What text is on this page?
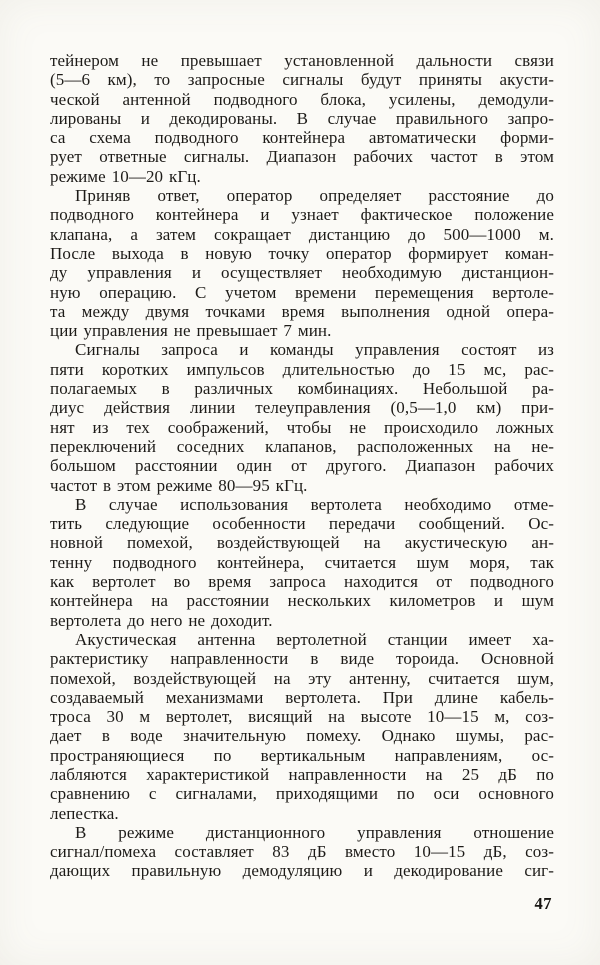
тейнером не превышает установленной дальности связи
(5—6 км), то запросные сигналы будут приняты акусти-
ческой антенной подводного блока, усилены, демодули-
лированы и декодированы. В случае правильного запро-
са схема подводного контейнера автоматически форми-
рует ответные сигналы. Диапазон рабочих частот в этом
режиме 10—20 кГц.
Приняв ответ, оператор определяет расстояние до
подводного контейнера и узнает фактическое положение
клапана, а затем сокращает дистанцию до 500—1000 м.
После выхода в новую точку оператор формирует коман-
ду управления и осуществляет необходимую дистанцион-
ную операцию. С учетом времени перемещения вертоле-
та между двумя точками время выполнения одной опера-
ции управления не превышает 7 мин.
Сигналы запроса и команды управления состоят из
пяти коротких импульсов длительностью до 15 мс, рас-
полагаемых в различных комбинациях. Небольшой ра-
диус действия линии телеуправления (0,5—1,0 км) при-
нят из тех соображений, чтобы не происходило ложных
переключений соседних клапанов, расположенных на не-
большом расстоянии один от другого. Диапазон рабочих
частот в этом режиме 80—95 кГц.
В случае использования вертолета необходимо отме-
тить следующие особенности передачи сообщений. Ос-
новной помехой, воздействующей на акустическую ан-
тенну подводного контейнера, считается шум моря, так
как вертолет во время запроса находится от подводного
контейнера на расстоянии нескольких километров и шум
вертолета до него не доходит.
Акустическая антенна вертолетной станции имеет ха-
рактеристику направленности в виде тороида. Основной
помехой, воздействующей на эту антенну, считается шум,
создаваемый механизмами вертолета. При длине кабель-
троса 30 м вертолет, висящий на высоте 10—15 м, соз-
дает в воде значительную помеху. Однако шумы, рас-
пространяющиеся по вертикальным направлениям, ос-
лабляются характеристикой направленности на 25 дБ по
сравнению с сигналами, приходящими по оси основного
лепестка.
В режиме дистанционного управления отношение
сигнал/помеха составляет 83 дБ вместо 10—15 дБ, соз-
дающих правильную демодуляцию и декодирование сиг-
47
